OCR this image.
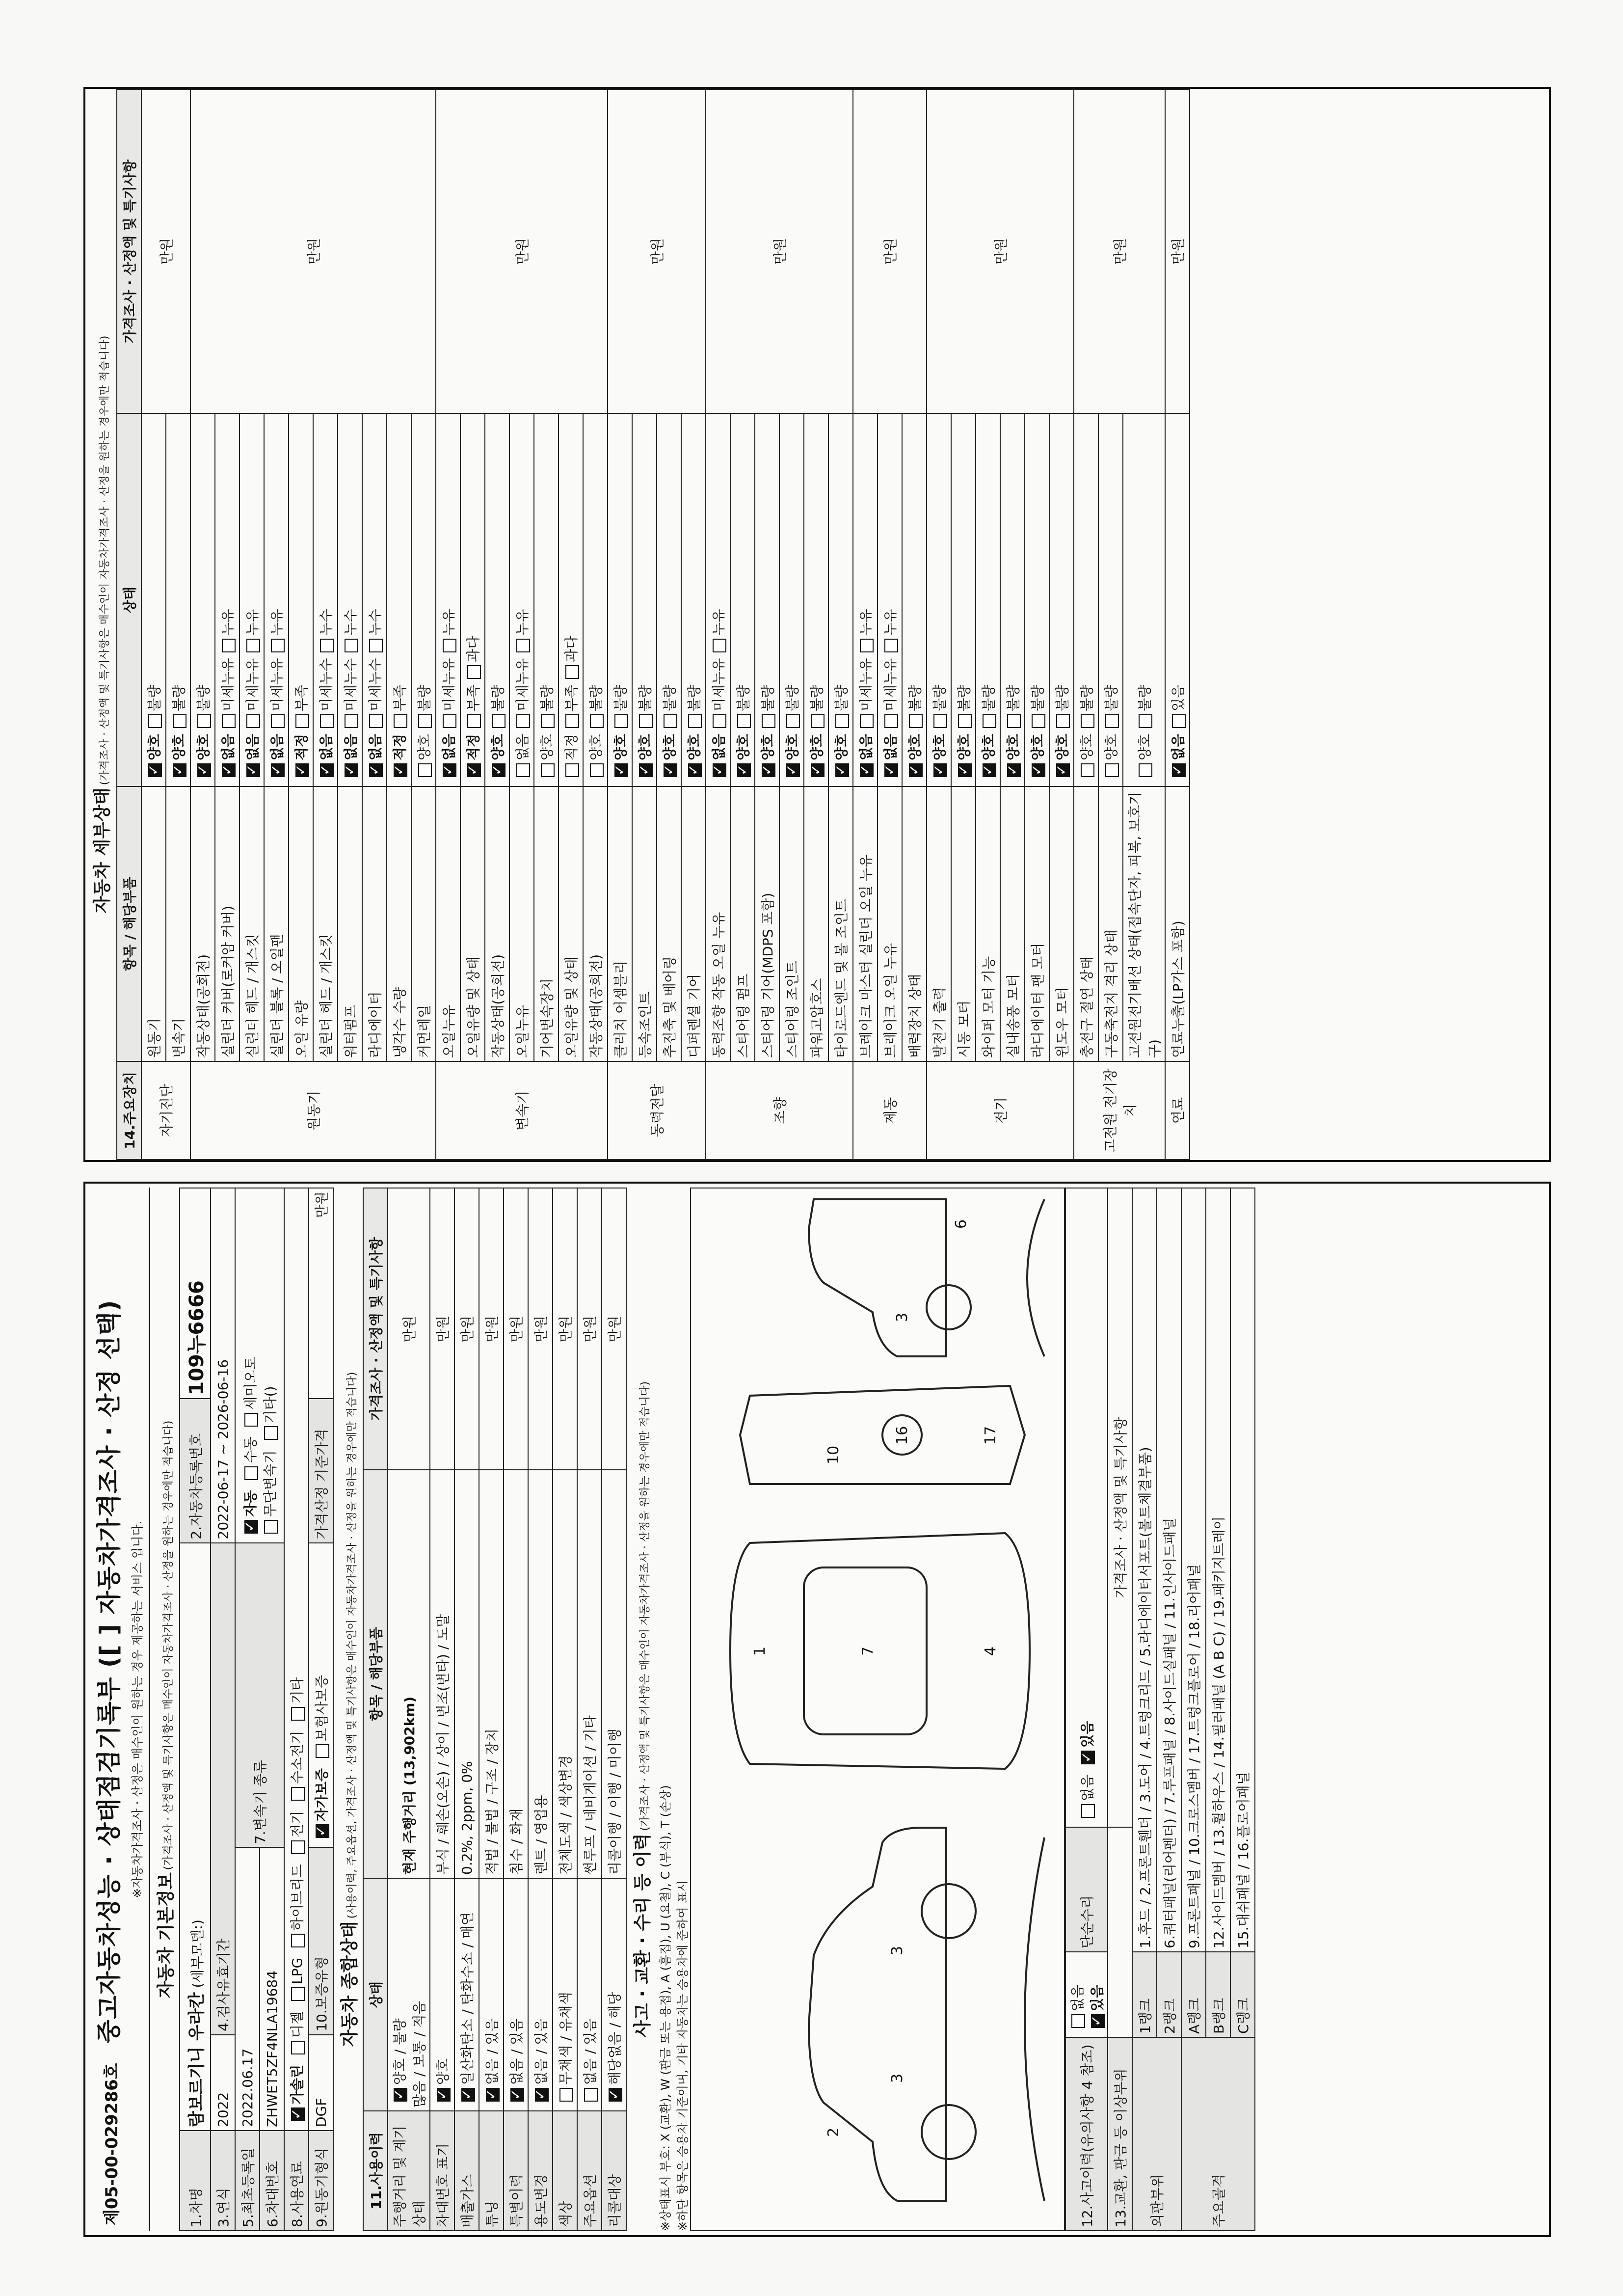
제05-00-029286호
중고자동차성능 · 상태점검기록부 ([ ] 자동차가격조사 · 산정 선택) ※자동차가격조사 · 산정은 매수인이 원하는 경우 제공하는 서비스 입니다.
자동차 기본정보 (가격조사 · 산정액 및 특기사항은 매수인이 자동차가격조사 · 산정을 원하는 경우에만 적습니다)
1.차명	람보르기니 우라칸 (세부모델:)			2.자동차등록번호	109누6666
3.연식	2022	4.검사유효기간		2022-06-17 ~ 2026-06-16	
5.최초등록일	2022.06.17		7.변속기 종류	✓자동 수동 세미오토
무단변속기 기타()
6.차대번호	ZHWET5ZF4NLA19684				
8.사용연료	✓가솔린 디젤 LPG 하이브리드 전기 수소전기 기타
9.원동기형식	DGF	10.보증유형	✓자가보증 보험사보증	가격산정 기준가격	만원
자동차 종합상태 (사용이력, 주요옵션, 가격조사 · 산정액 및 특기사항은 매수인이 자동차가격조사 · 산정을 원하는 경우에만 적습니다)
11.사용이력	상태	항목 / 해당부품	가격조사 · 산정액 및 특기사항
주행거리 및 계기상태	✓양호 / 불량 많음 / 보통 / 적음	현재 주행거리 (13,902km)	만원
차대번호 표기	✓양호	부식 / 훼손(오손) / 상이 / 변조(변타) / 도말	만원
배출가스	✓일산화탄소 / 탄화수소 / 매연	0.2%, 2ppm, 0%	만원
튜닝	✓없음 / 있음	적법 / 불법 / 구조 / 장치	만원
특별이력	✓없음 / 있음	침수 / 화재	만원
용도변경	✓없음 / 있음	렌트 / 영업용	만원
색상	무채색 / 유채색	전체도색 / 색상변경	만원
주요옵션	없음 / 있음	썬루프 / 네비게이션 / 기타	만원
리콜대상	✓해당없음 / 해당	리콜이행 / 이행 / 미이행	만원
사고 · 교환 · 수리 등 이력 (가격조사 · 산정액 및 특기사항은 매수인이 자동차가격조사 · 산정을 원하는 경우에만 적습니다)
※상태표시 부호: X (교환), W (판금 또는 용접), A (흠집), U (요철), C (부식), T (손상) ※하단 항목은 승용차 기준이며, 기타 자동차는 승용차에 준하여 표시	2
3
3
1	7	4
10
16	17
3
6
12.사고이력(유의사항 4 참조)	없음 ✓ 있음	단순수리	없음 ✓있음
13.교환, 판금 등 이상부위			가격조사 · 산정액 및 특기사항
외판부위	1랭크	1.후드 / 2.프론트휀더 / 3.도어 / 4.트렁크리드 / 5.라디에이터서포트(볼트체결부품)	
	2랭크	6.쿼터패널(리어펜더) / 7.루프패널 / 8.사이드실패널 / 11.인사이드패널	
주요골격	A랭크	9.프론트패널 / 10.크로스멤버 / 17.트렁크플로어 / 18.리어패널	
	B랭크	12.사이드멤버 / 13.휠하우스 / 14.필러패널 (A B C) / 19.패키지트레이	
	C랭크	15.대쉬패널 / 16.플로어패널	
자동차 세부상태 (가격조사 · 산정액 및 특기사항은 매수인이 자동차가격조사 · 산정을 원하는 경우에만 적습니다)
14.주요장치	항목 / 해당부품	상태	가격조사 · 산정액 및 특기사항
자기진단	원동기	✓양호불량	만원
	변속기	✓양호불량
원동기	작동상태(공회전)	✓양호불량	만원
	실린더 커버(로커암 커버)	✓없음미세누유누유
	실린더 헤드 / 개스킷	✓없음미세누유누유
	실린더 블록 / 오일팬	✓없음미세누유누유
	오일 유량	✓적정부족
	실린더 헤드 / 개스킷	✓없음미세누수누수
	워터펌프	✓없음미세누수누수
	라디에이터	✓없음미세누수누수
	냉각수 수량	✓적정부족
	커먼레일	양호불량	
변속기	오일누유	✓없음미세누유누유	만원
	오일유량 및 상태	✓적정부족과다
	작동상태(공회전)	✓양호불량
	오일누유	없음미세누유누유	
	기어변속장치	양호불량	
	오일유량 및 상태	적정부족과다	
	작동상태(공회전)	양호불량	
동력전달	클러치 어셈블리	✓양호불량	만원
	등속조인트	✓양호불량
	추진축 및 베어링	✓양호불량
	디퍼렌셜 기어	✓양호불량
조향	동력조향 작동 오일 누유	✓없음미세누유누유	만원
	스티어링 펌프	✓양호불량
	스티어링 기어(MDPS 포함)	✓양호불량
	스티어링 조인트	✓양호불량
	파워고압호스	✓양호불량
	타이로드엔드 및 볼 조인트	✓양호불량
제동	브레이크 마스터 실린더 오일 누유	✓없음미세누유누유	만원
	브레이크 오일 누유	✓없음미세누유누유
	배력장치 상태	✓양호불량
전기	발전기 출력	✓양호불량	만원
	시동 모터	✓양호불량
	와이퍼 모터 기능	✓양호불량
	실내송풍 모터	✓양호불량
	라디에이터 팬 모터	✓양호불량
	윈도우 모터	✓양호불량
고전원 전기장치	충전구 절연 상태	양호불량	만원
	구동축전지 격리 상태	양호불량	
	고전원전기배선 상태(접속단자, 피복, 보호기구)	양호불량	
연료	연료누출(LP가스 포함)	✓없음있음	만원
